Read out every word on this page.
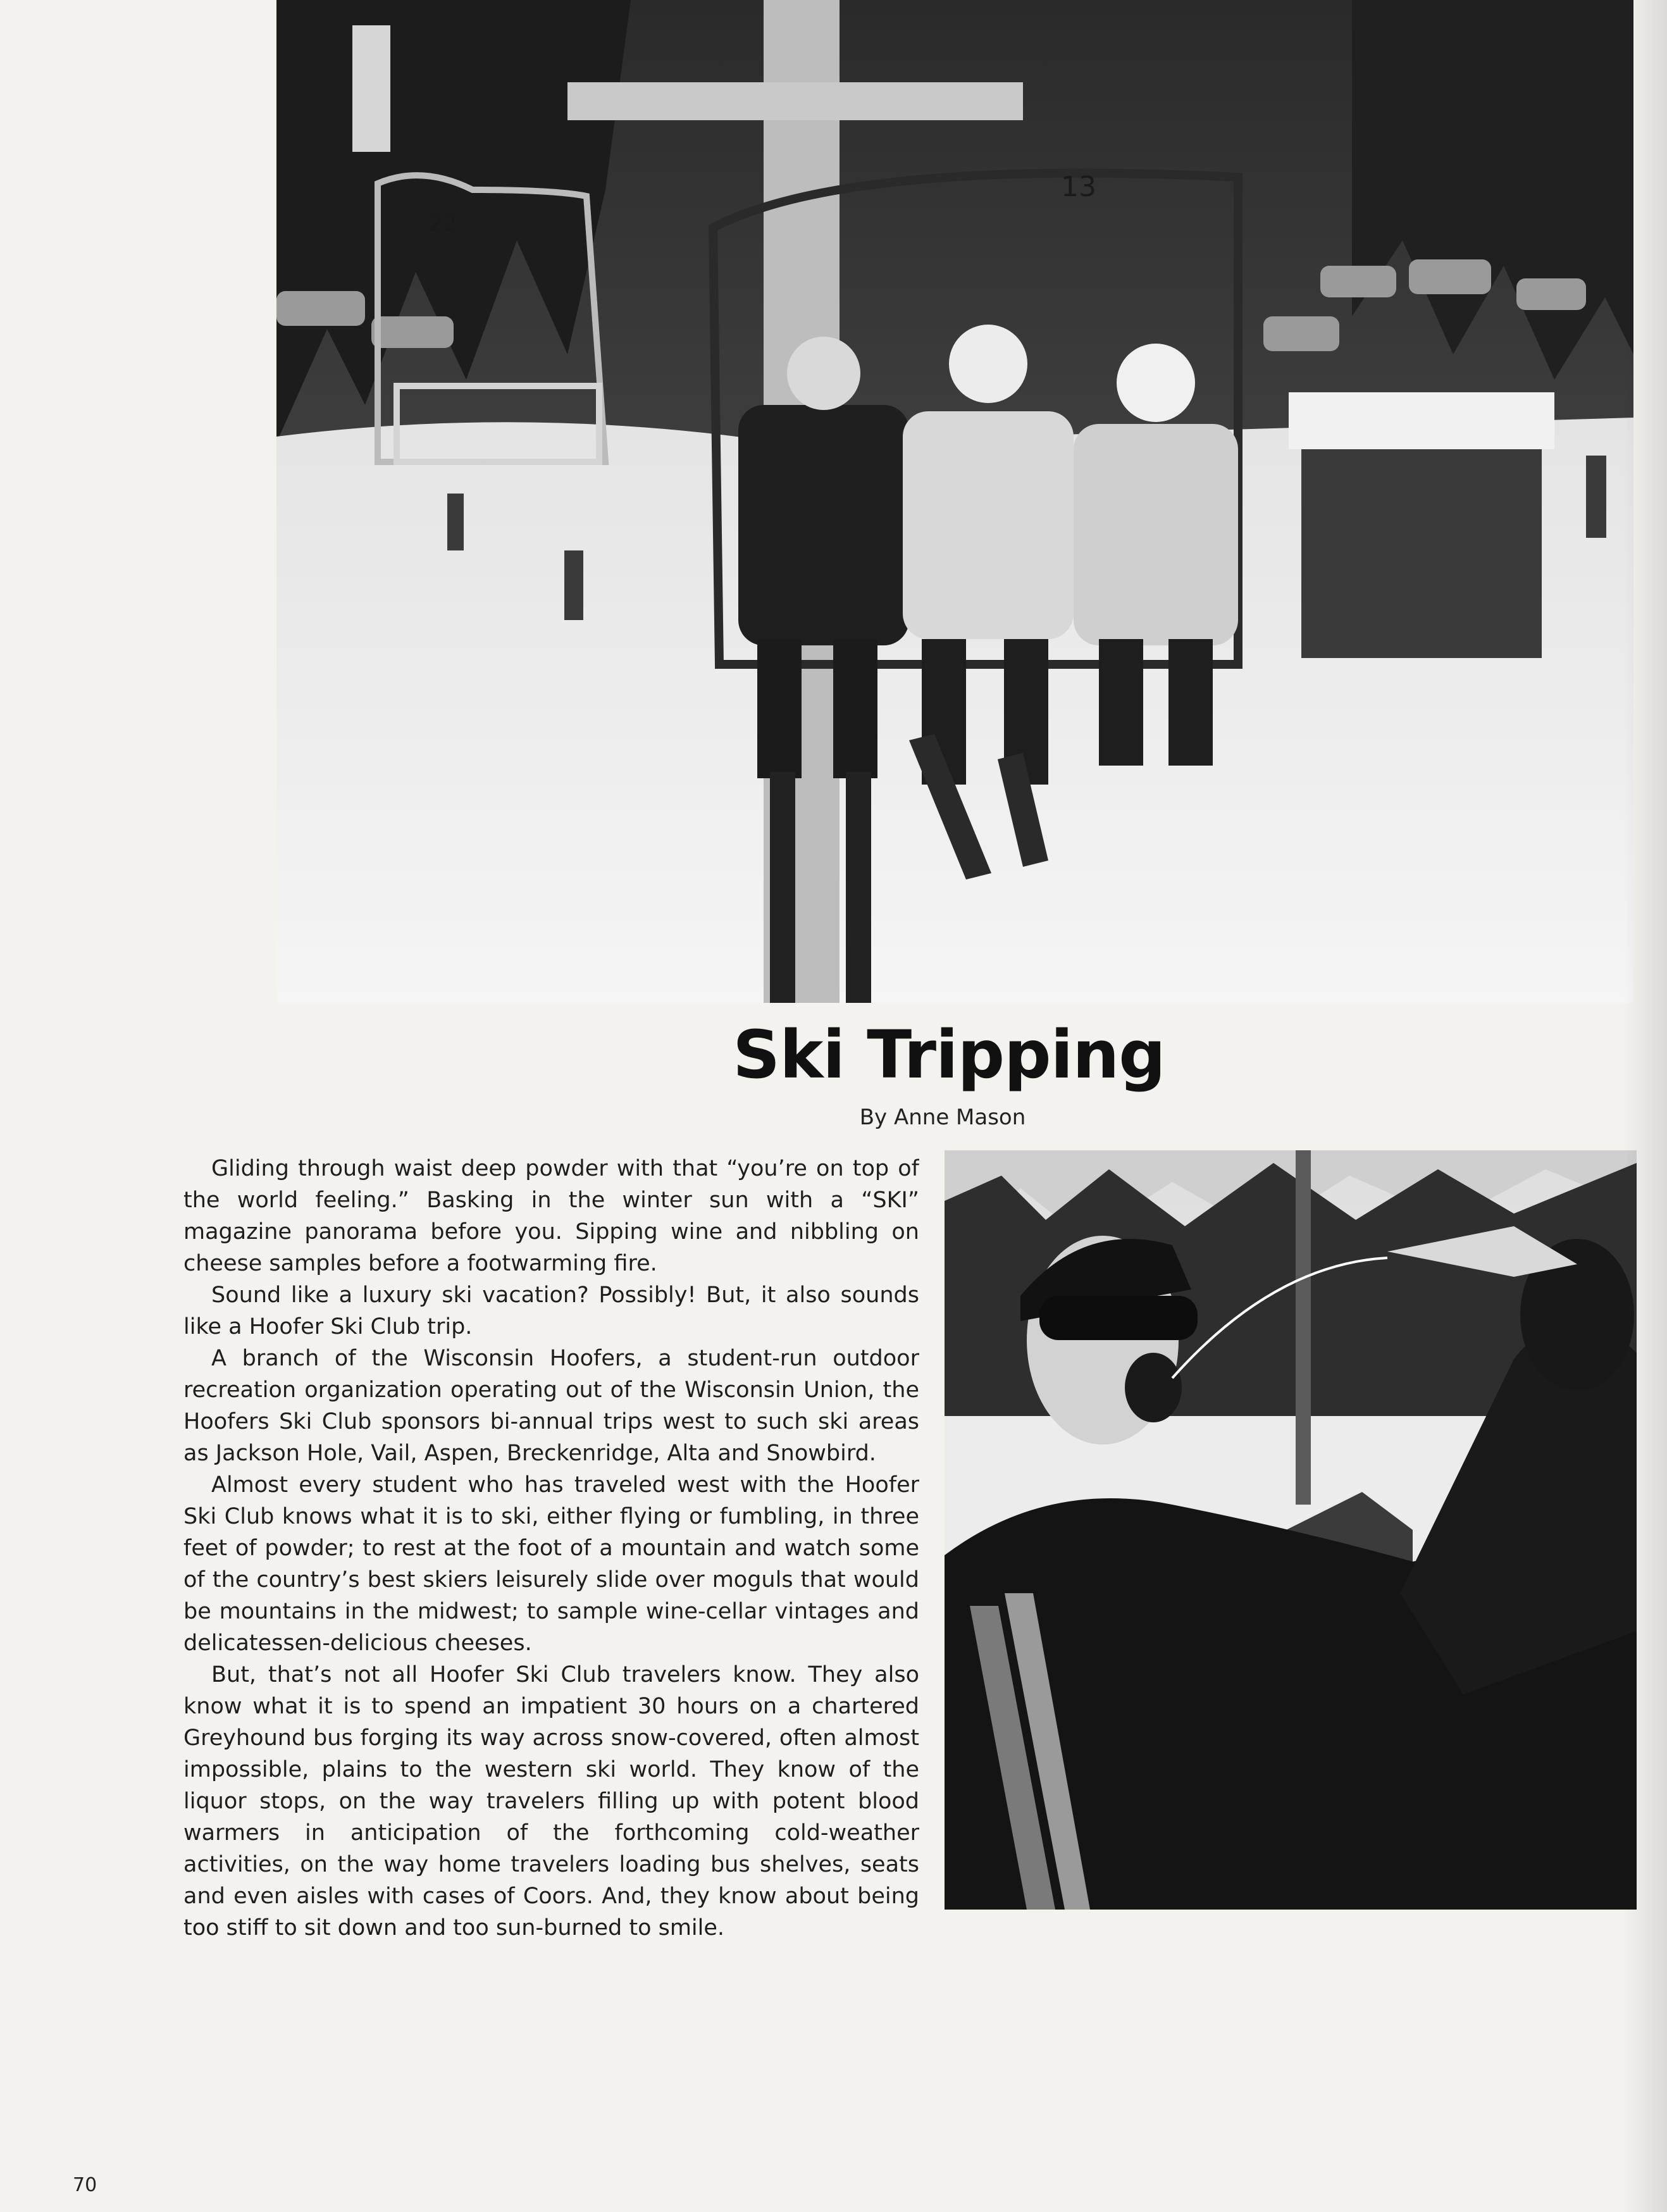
22
13
Ski Tripping
By Anne Mason

Gliding through waist deep powder with that “you’re on top of the world feeling.” Basking in the winter sun with a “SKI” magazine panorama before you. Sipping wine and nibbling on cheese samples before a footwarming fire.

Sound like a luxury ski vacation? Possibly! But, it also sounds like a Hoofer Ski Club trip.

A branch of the Wisconsin Hoofers, a student-run outdoor recreation organization operating out of the Wisconsin Union, the Hoofers Ski Club sponsors bi-annual trips west to such ski areas as Jackson Hole, Vail, Aspen, Breckenridge, Alta and Snowbird.

Almost every student who has traveled west with the Hoofer Ski Club knows what it is to ski, either flying or fumbling, in three feet of powder; to rest at the foot of a mountain and watch some of the country’s best skiers leisurely slide over moguls that would be mountains in the midwest; to sample wine-cellar vintages and delicatessen-delicious cheeses.

But, that’s not all Hoofer Ski Club travelers know. They also know what it is to spend an impatient 30 hours on a chartered Greyhound bus forging its way across snow-covered, often almost impossible, plains to the western ski world. They know of the liquor stops, on the way travelers filling up with potent blood warmers in anticipation of the forthcoming cold-weather activities, on the way home travelers loading bus shelves, seats and even aisles with cases of Coors. And, they know about being too stiff to sit down and too sun-burned to smile.

70
